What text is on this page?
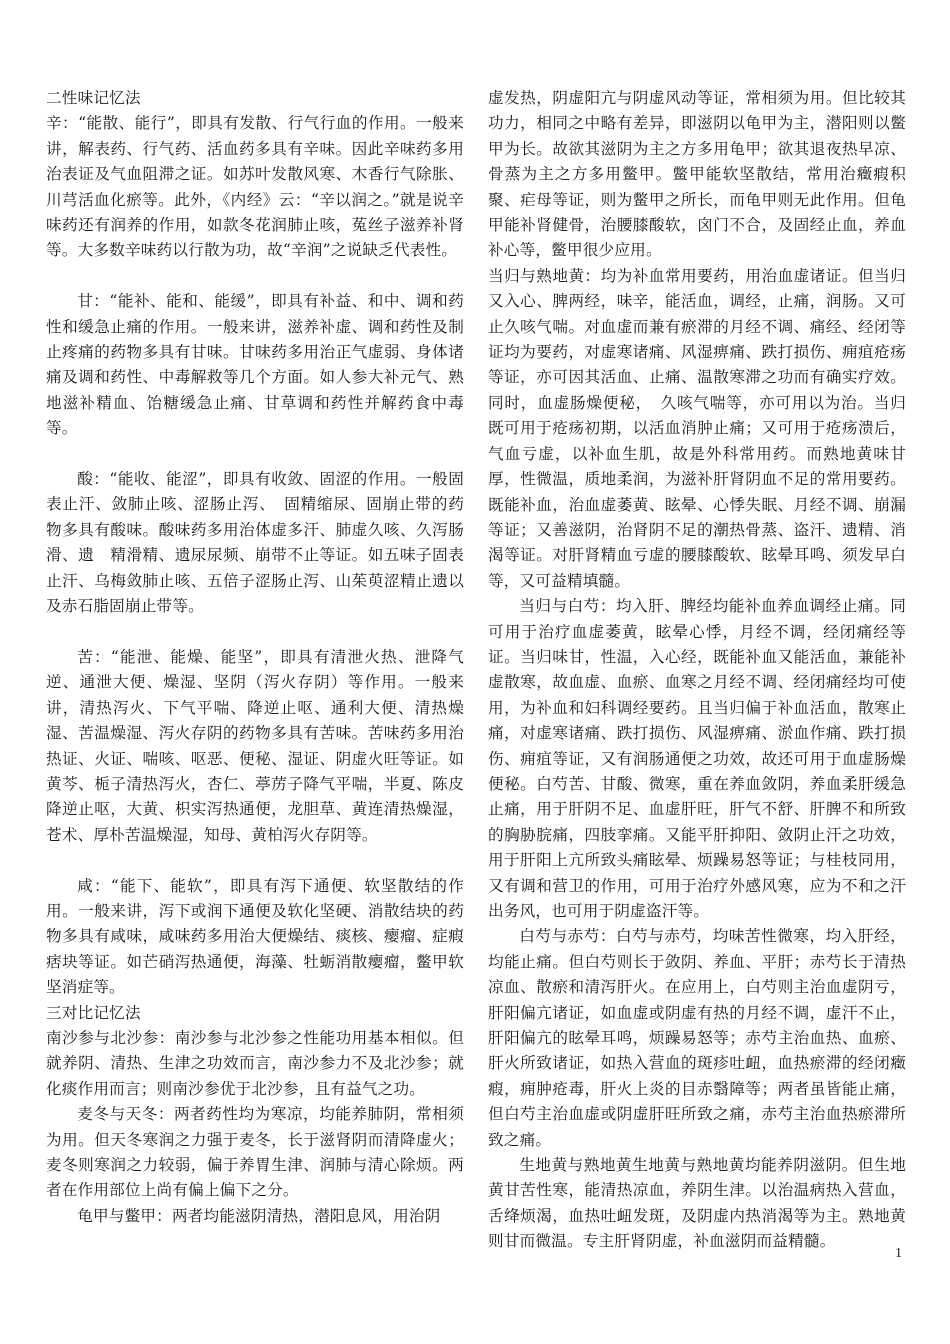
二性味记忆法

辛：“能散、能行”，即具有发散、行气行血的作用。一般来讲，解表药、行气药、活血药多具有辛味。因此辛味药多用治表证及气血阻滞之证。如苏叶发散风寒、木香行气除胀、川芎活血化瘀等。此外，《内经》云：“辛以润之。”就是说辛味药还有润养的作用，如款冬花润肺止咳，菟丝子滋养补肾等。大多数辛味药以行散为功，故“辛润”之说缺乏代表性。

甘：“能补、能和、能缓”，即具有补益、和中、调和药性和缓急止痛的作用。一般来讲，滋养补虚、调和药性及制止疼痛的药物多具有甘味。甘味药多用治正气虚弱、身体诸痛及调和药性、中毒解救等几个方面。如人参大补元气、熟地滋补精血、饴糖缓急止痛、甘草调和药性并解药食中毒等。

酸：“能收、能涩”，即具有收敛、固涩的作用。一般固表止汗、敛肺止咳、涩肠止泻、　固精缩尿、固崩止带的药物多具有酸味。酸味药多用治体虚多汗、肺虚久咳、久泻肠滑、遗　精滑精、遗尿尿频、崩带不止等证。如五味子固表止汗、乌梅敛肺止咳、五倍子涩肠止泻、山茱萸涩精止遗以及赤石脂固崩止带等。

苦：“能泄、能燥、能坚”，即具有清泄火热、泄降气逆、通泄大便、燥湿、坚阴（泻火存阴）等作用。一般来讲，清热泻火、下气平喘、降逆止呕、通利大便、清热燥湿、苦温燥湿、泻火存阴的药物多具有苦味。苦味药多用治热证、火证、喘咳、呕恶、便秘、湿证、阴虚火旺等证。如黄芩、栀子清热泻火，杏仁、葶苈子降气平喘，半夏、陈皮降逆止呕，大黄、枳实泻热通便，龙胆草、黄连清热燥湿，苍术、厚朴苦温燥湿，知母、黄柏泻火存阴等。

咸：“能下、能软”，即具有泻下通便、软坚散结的作用。一般来讲，泻下或润下通便及软化坚硬、消散结块的药物多具有咸味，咸味药多用治大便燥结、痰核、瘿瘤、症瘕痞块等证。如芒硝泻热通便，海藻、牡蛎消散瘿瘤，鳖甲软坚消症等。

三对比记忆法

南沙参与北沙参：南沙参与北沙参之性能功用基本相似。但就养阴、清热、生津之功效而言，南沙参力不及北沙参；就化痰作用而言；则南沙参优于北沙参，且有益气之功。

麦冬与天冬：两者药性均为寒凉，均能养肺阴，常相须为用。但天冬寒润之力强于麦冬，长于滋肾阴而清降虚火；麦冬则寒润之力较弱，偏于养胃生津、润肺与清心除烦。两者在作用部位上尚有偏上偏下之分。

龟甲与鳖甲：两者均能滋阴清热，潜阳息风，用治阴

虚发热，阴虚阳亢与阴虚风动等证，常相须为用。但比较其功力，相同之中略有差异，即滋阴以龟甲为主，潜阳则以鳖甲为长。故欲其滋阴为主之方多用龟甲；欲其退夜热早凉、骨蒸为主之方多用鳖甲。鳖甲能软坚散结，常用治癥瘕积聚、疟母等证，则为鳖甲之所长，而龟甲则无此作用。但龟甲能补肾健骨，治腰膝酸软，囟门不合，及固经止血，养血补心等，鳖甲很少应用。

当归与熟地黄：均为补血常用要药，用治血虚诸证。但当归又入心、脾两经，味辛，能活血，调经，止痛，润肠。又可止久咳气喘。对血虚而兼有瘀滞的月经不调、痛经、经闭等证均为要药，对虚寒诸痛、风湿痹痛、跌打损伤、痈疽疮疡等证，亦可因其活血、止痛、温散寒滞之功而有确实疗效。同时，血虚肠燥便秘，　久咳气喘等，亦可用以为治。当归既可用于疮疡初期，以活血消肿止痛；又可用于疮疡溃后，气血亏虚，以补血生肌，故是外科常用药。而熟地黄味甘厚，性微温，质地柔润，为滋补肝肾阴血不足的常用要药。既能补血，治血虚萎黄、眩晕、心悸失眠、月经不调、崩漏等证；又善滋阴，治肾阴不足的潮热骨蒸、盗汗、遗精、消渴等证。对肝肾精血亏虚的腰膝酸软、眩晕耳鸣、须发早白等，又可益精填髓。

当归与白芍：均入肝、脾经均能补血养血调经止痛。同可用于治疗血虚萎黄，眩晕心悸，月经不调，经闭痛经等证。当归味甘，性温，入心经，既能补血又能活血，兼能补虚散寒，故血虚、血瘀、血寒之月经不调、经闭痛经均可使用，为补血和妇科调经要药。且当归偏于补血活血，散寒止痛，对虚寒诸痛、跌打损伤、风湿痹痛、淤血作痛、跌打损伤、痈疽等证，又有润肠通便之功效，故还可用于血虚肠燥便秘。白芍苦、甘酸、微寒，重在养血敛阴，养血柔肝缓急止痛，用于肝阴不足、血虚肝旺，肝气不舒、肝脾不和所致的胸胁脘痛，四肢挛痛。又能平肝抑阳、敛阴止汗之功效，用于肝阳上亢所致头痛眩晕、烦躁易怒等证；与桂枝同用，又有调和营卫的作用，可用于治疗外感风寒，应为不和之汗出务风，也可用于阴虚盗汗等。

白芍与赤芍：白芍与赤芍，均味苦性微寒，均入肝经，均能止痛。但白芍则长于敛阴、养血、平肝；赤芍长于清热凉血、散瘀和清泻肝火。在应用上，白芍则主治血虚阴亏，肝阳偏亢诸证，如血虚或阴虚有热的月经不调，虚汗不止，肝阳偏亢的眩晕耳鸣，烦躁易怒等；赤芍主治血热、血瘀、肝火所致诸证，如热入营血的斑疹吐衄，血热瘀滞的经闭癥瘕，痈肿疮毒，肝火上炎的目赤翳障等；两者虽皆能止痛，但白芍主治血虚或阴虚肝旺所致之痛，赤芍主治血热瘀滞所致之痛。

生地黄与熟地黄生地黄与熟地黄均能养阴滋阴。但生地黄甘苦性寒，能清热凉血，养阴生津。以治温病热入营血，舌绛烦渴，血热吐衄发斑，及阴虚内热消渴等为主。熟地黄则甘而微温。专主肝肾阴虚，补血滋阴而益精髓。

1
